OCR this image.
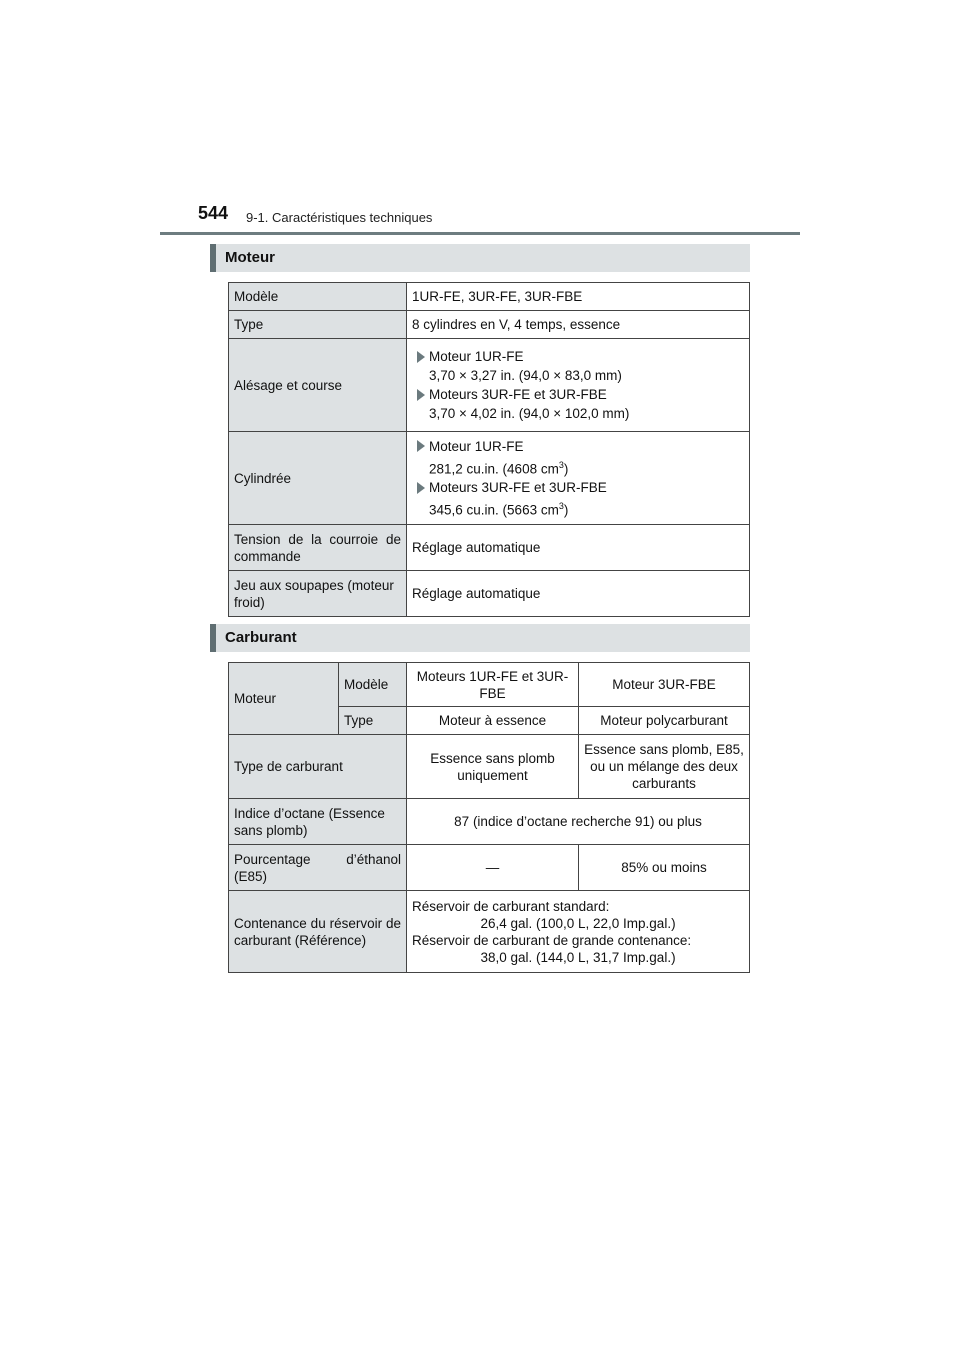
544 9-1. Caractéristiques techniques
Moteur
Modèle	1UR-FE, 3UR-FE, 3UR-FBE
Type	8 cylindres en V, 4 temps, essence
Alésage et course	Moteur 1UR-FE
3,70 × 3,27 in. (94,0 × 83,0 mm)
Moteurs 3UR-FE et 3UR-FBE
3,70 × 4,02 in. (94,0 × 102,0 mm)

Cylindrée	Moteur 1UR-FE
281,2 cu.in. (4608 $cm^3$)
Moteurs 3UR-FE et 3UR-FBE
345,6 cu.in. (5663 $cm^3$)

Tension de la courroie de commande	Réglage automatique
Jeu aux soupapes (moteur froid)	Réglage automatique
Carburant
Moteur	Modèle	Moteurs 1UR-FE et 3UR-FBE	Moteur 3UR-FBE
	Type	Moteur à essence	Moteur polycarburant
Type de carburant		Essence sans plomb uniquement	Essence sans plomb, E85, ou un mélange des deux carburants
Indice d’octane (Essence sans plomb)		87 (indice d’octane recherche 91) ou plus	
Pourcentage d’éthanol (E85)		—	85% ou moins
Contenance du réservoir de carburant (Référence)		Réservoir de carburant standard:
26,4 gal. (100,0 L, 22,0 Imp.gal.)
Réservoir de carburant de grande contenance:
38,0 gal. (144,0 L, 31,7 Imp.gal.)	
